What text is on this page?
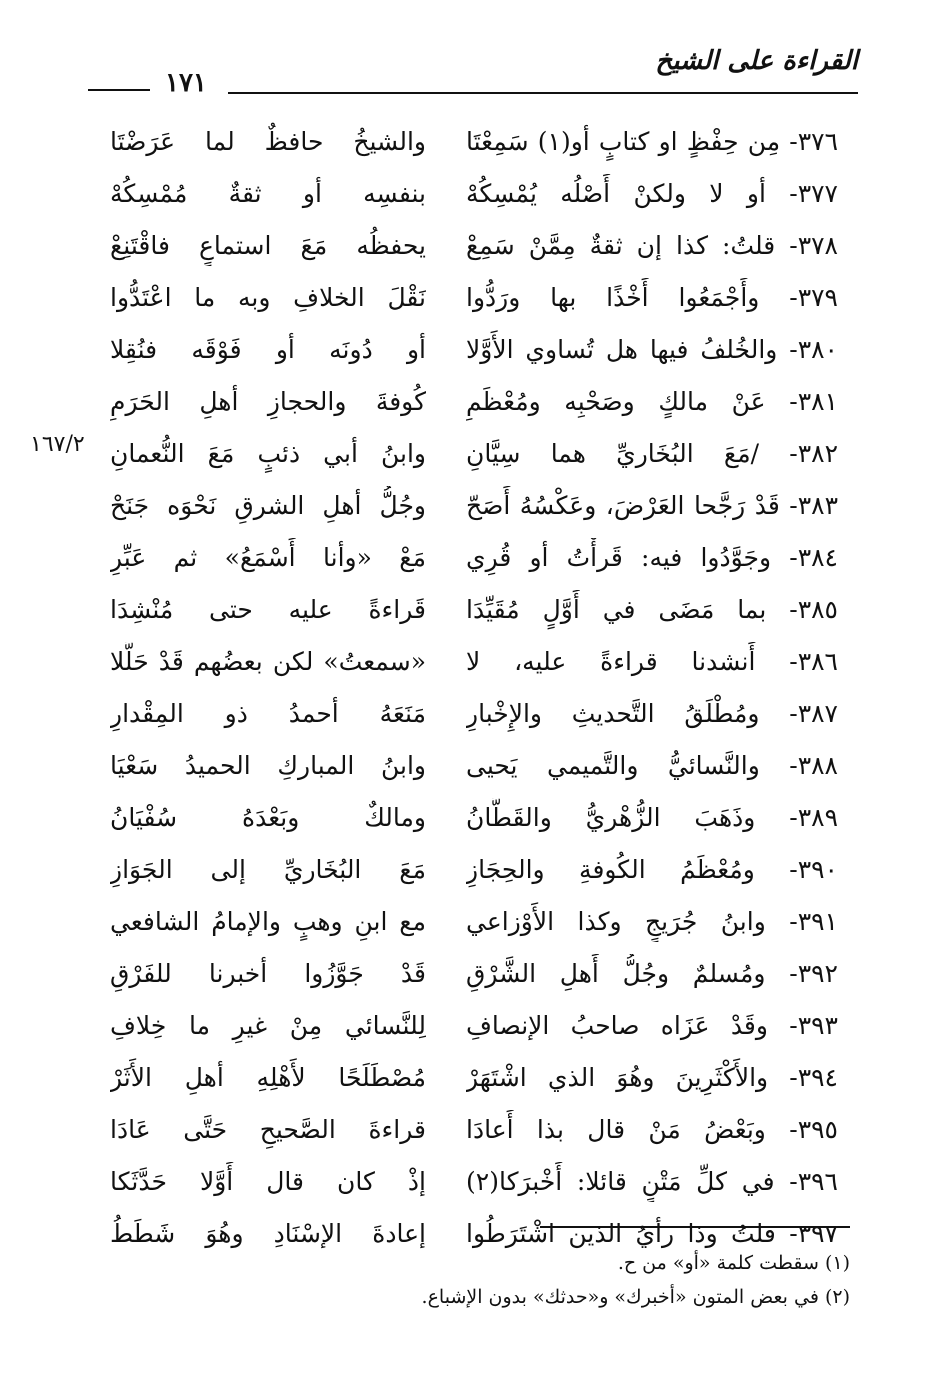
القراءة على الشيخ
١٧١
١٦٧/٢
٣٧٦- مِن حِفْظٍ او كتابٍ أو(١) سَمِعْتَا
والشيخُ حافظٌ لما عَرَضْتَا
٣٧٧- أو لا ولكنْ أَصْلُه يُمْسِكُهْ
بنفسِه أو ثقةٌ مُمْسِكُهْ
٣٧٨- قلتُ: كذا إن ثقةٌ مِمَّنْ سَمِعْ
يحفظُه مَعَ استماعٍ فاقْتَنِعْ
٣٧٩- وأَجْمَعُوا أَخْذًا بها ورَدُّوا
نَقْلَ الخلافِ وبه ما اعْتَدُّوا
٣٨٠- والخُلفُ فيها هل تُساوي الأَوَّلا
أو دُونَه أو فَوْقَه فنُقِلا
٣٨١- عَنْ مالكٍ وصَحْبِه ومُعْظَمِ
كُوفةَ والحجازِ أهلِ الحَرَمِ
٣٨٢- /مَعَ البُخَاريِّ هما سِيَّانِ
وابنُ أبي ذئبٍ مَعَ النُّعمانِ
٣٨٣- قَدْ رَجَّحا العَرْضَ، وعَكْسُهُ أَصَحّ
وجُلُّ أهلِ الشرقِ نَحْوَه جَنَحْ
٣٨٤- وجَوَّدُوا فيه: قَرأْتُ أو قُرِي
مَعْ «وأنا أَسْمَعُ» ثم عَبِّرِ
٣٨٥- بما مَضَى في أَوَّلٍ مُقَيِّدَا
قَراءةً عليه حتى مُنْشِدَا
٣٨٦- أَنشدنا قراءةً عليه، لا
«سمعتُ» لكن بعضُهم قَدْ حَلَّلا
٣٨٧- ومُطْلَقُ التَّحديثِ والإِخْبارِ
مَنَعَهُ أحمدُ ذو المِقْدارِ
٣٨٨- والنَّسائيُّ والتَّميمي يَحيى
وابنُ المباركِ الحميدُ سَعْيَا
٣٨٩- وذَهَبَ الزُّهْريُّ والقَطَّانُ
ومالكٌ وبَعْدَهُ سُفْيَانُ
٣٩٠- ومُعْظَمُ الكُوفةِ والحِجَازِ
مَعَ البُخَاريِّ إلى الجَوَازِ
٣٩١- وابنُ جُرَيجٍ وكذا الأَوْزاعي
مع ابنِ وهبٍ والإمامُ الشافعي
٣٩٢- ومُسلمٌ وجُلُّ أَهلِ الشَّرْقِ
قَدْ جَوَّزُوا أخبرنا للفَرْقِ
٣٩٣- وقَدْ عَزَاه صاحبُ الإنصافِ
لِلنَّسائي مِنْ غيرِ ما خِلافِ
٣٩٤- والأَكْثَرِينَ وهُوَ الذي اشْتَهَرْ
مُصْطَلَحًا لأَهْلِهِ أهلِ الأَثَرْ
٣٩٥- وبَعْضُ مَنْ قال بذا أَعادَا
قراءةَ الصَّحيحِ حَتَّى عَادَا
٣٩٦- في كلِّ مَتْنٍ قائلا: أَخْبرَكا(٢)
إذْ كان قال أَوَّلا حَدَّثَكا
٣٩٧- قلتُ وذا رأيُ الذين اشْتَرَطُوا
إعادةَ الإسْنَادِ وهُوَ شَطَطُ
(١) سقطت كلمة «أو» من ح.
(٢) في بعض المتون «أخبرك» و«حدثك» بدون الإشباع.
